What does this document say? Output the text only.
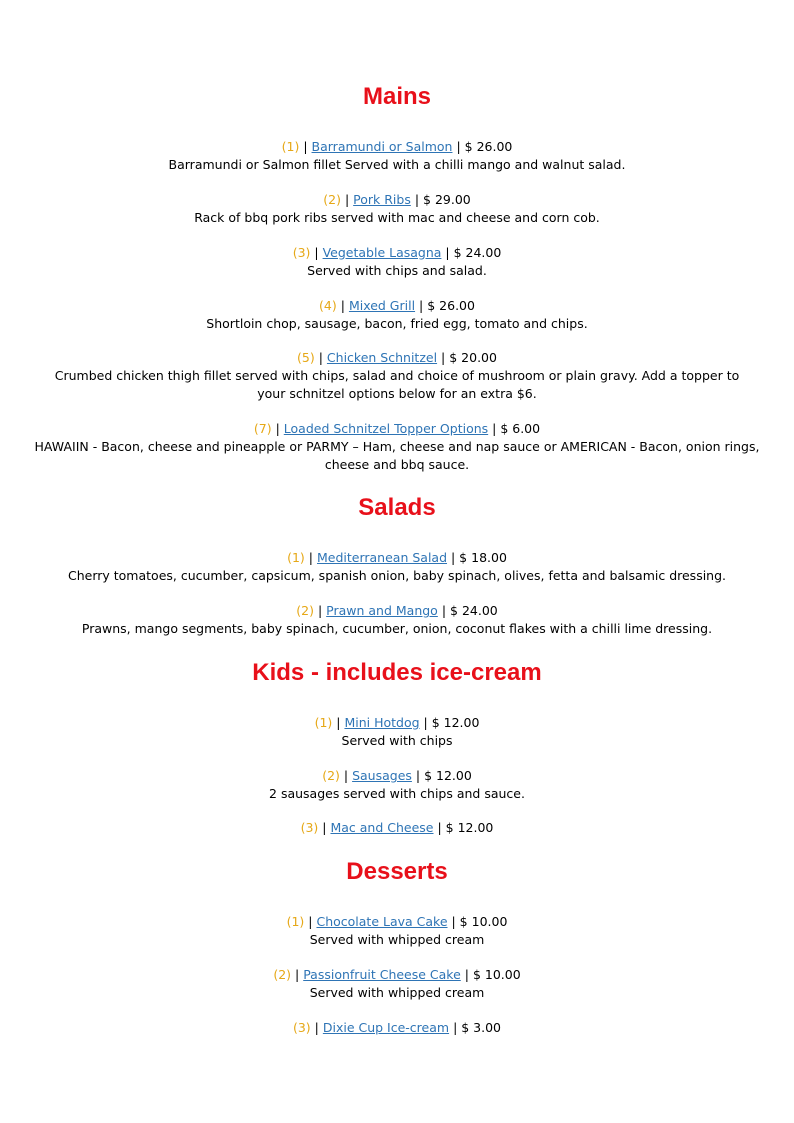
Mains
(1) | Barramundi or Salmon | $ 26.00
Barramundi or Salmon fillet Served with a chilli mango and walnut salad.
(2) | Pork Ribs | $ 29.00
Rack of bbq pork ribs served with mac and cheese and corn cob.
(3) | Vegetable Lasagna | $ 24.00
Served with chips and salad.
(4) | Mixed Grill | $ 26.00
Shortloin chop, sausage, bacon, fried egg, tomato and chips.
(5) | Chicken Schnitzel | $ 20.00
Crumbed chicken thigh fillet served with chips, salad and choice of mushroom or plain gravy. Add a topper to your schnitzel options below for an extra $6.
(7) | Loaded Schnitzel Topper Options | $ 6.00
HAWAIIN - Bacon, cheese and pineapple or PARMY – Ham, cheese and nap sauce or AMERICAN - Bacon, onion rings, cheese and bbq sauce.
Salads
(1) | Mediterranean Salad | $ 18.00
Cherry tomatoes, cucumber, capsicum, spanish onion, baby spinach, olives, fetta and balsamic dressing.
(2) | Prawn and Mango | $ 24.00
Prawns, mango segments, baby spinach, cucumber, onion, coconut flakes with a chilli lime dressing.
Kids - includes ice-cream
(1) | Mini Hotdog | $ 12.00
Served with chips
(2) | Sausages | $ 12.00
2 sausages served with chips and sauce.
(3) | Mac and Cheese | $ 12.00
Desserts
(1) | Chocolate Lava Cake | $ 10.00
Served with whipped cream
(2) | Passionfruit Cheese Cake | $ 10.00
Served with whipped cream
(3) | Dixie Cup Ice-cream | $ 3.00
